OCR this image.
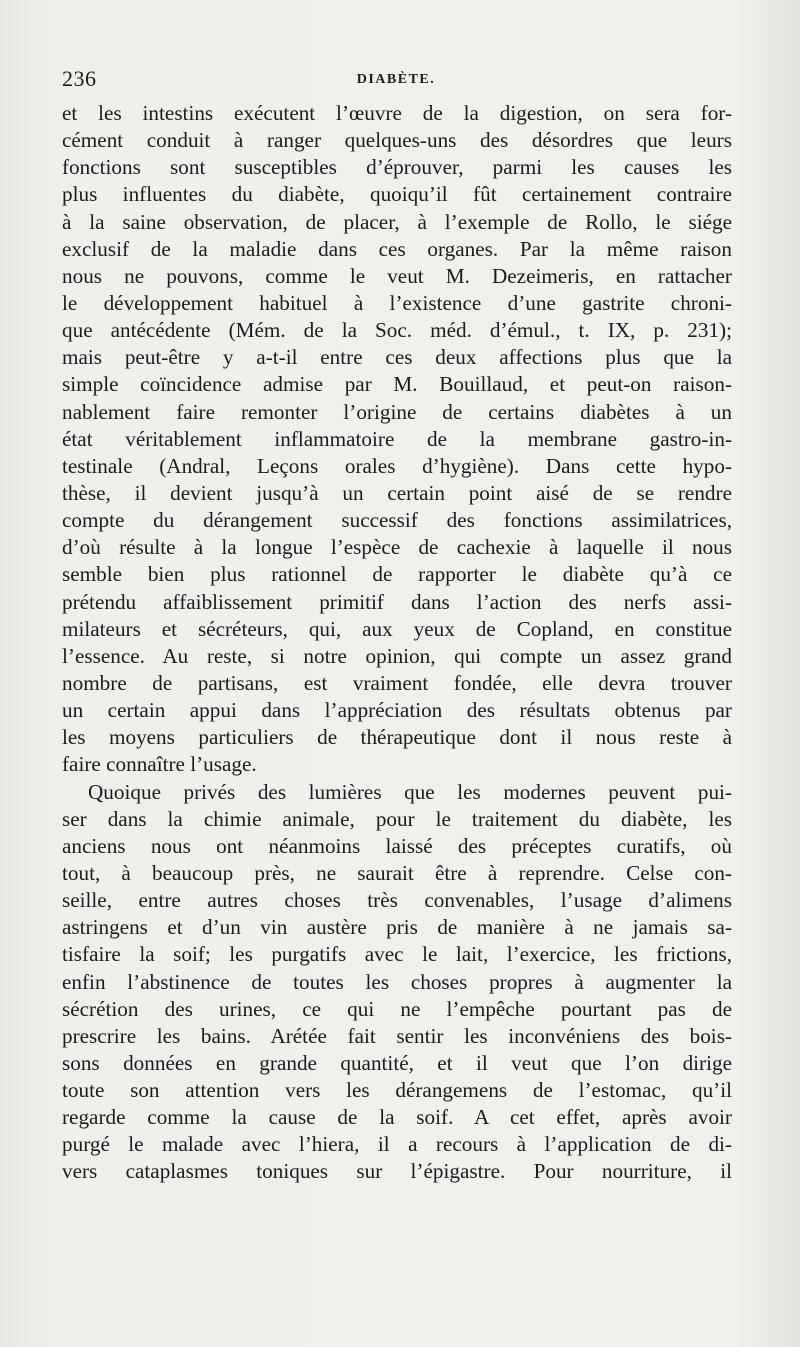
236	DIABÈTE.
et les intestins exécutent l’œuvre de la digestion, on sera for-
cément conduit à ranger quelques-uns des désordres que leurs
fonctions sont susceptibles d’éprouver, parmi les causes les
plus influentes du diabète, quoiqu’il fût certainement contraire
à la saine observation, de placer, à l’exemple de Rollo, le siége
exclusif de la maladie dans ces organes. Par la même raison
nous ne pouvons, comme le veut M. Dezeimeris, en rattacher
le développement habituel à l’existence d’une gastrite chroni-
que antécédente (Mém. de la Soc. méd. d’émul., t. IX, p. 231);
mais peut-être y a-t-il entre ces deux affections plus que la
simple coïncidence admise par M. Bouillaud, et peut-on raison-
nablement faire remonter l’origine de certains diabètes à un
état véritablement inflammatoire de la membrane gastro-in-
testinale (Andral, Leçons orales d’hygiène). Dans cette hypo-
thèse, il devient jusqu’à un certain point aisé de se rendre
compte du dérangement successif des fonctions assimilatrices,
d’où résulte à la longue l’espèce de cachexie à laquelle il nous
semble bien plus rationnel de rapporter le diabète qu’à ce
prétendu affaiblissement primitif dans l’action des nerfs assi-
milateurs et sécréteurs, qui, aux yeux de Copland, en constitue
l’essence. Au reste, si notre opinion, qui compte un assez grand
nombre de partisans, est vraiment fondée, elle devra trouver
un certain appui dans l’appréciation des résultats obtenus par
les moyens particuliers de thérapeutique dont il nous reste à
faire connaître l’usage.
Quoique privés des lumières que les modernes peuvent pui-
ser dans la chimie animale, pour le traitement du diabète, les
anciens nous ont néanmoins laissé des préceptes curatifs, où
tout, à beaucoup près, ne saurait être à reprendre. Celse con-
seille, entre autres choses très convenables, l’usage d’alimens
astringens et d’un vin austère pris de manière à ne jamais sa-
tisfaire la soif; les purgatifs avec le lait, l’exercice, les frictions,
enfin l’abstinence de toutes les choses propres à augmenter la
sécrétion des urines, ce qui ne l’empêche pourtant pas de
prescrire les bains. Arétée fait sentir les inconvéniens des bois-
sons données en grande quantité, et il veut que l’on dirige
toute son attention vers les dérangemens de l’estomac, qu’il
regarde comme la cause de la soif. A cet effet, après avoir
purgé le malade avec l’hiera, il a recours à l’application de di-
vers cataplasmes toniques sur l’épigastre. Pour nourriture, il
